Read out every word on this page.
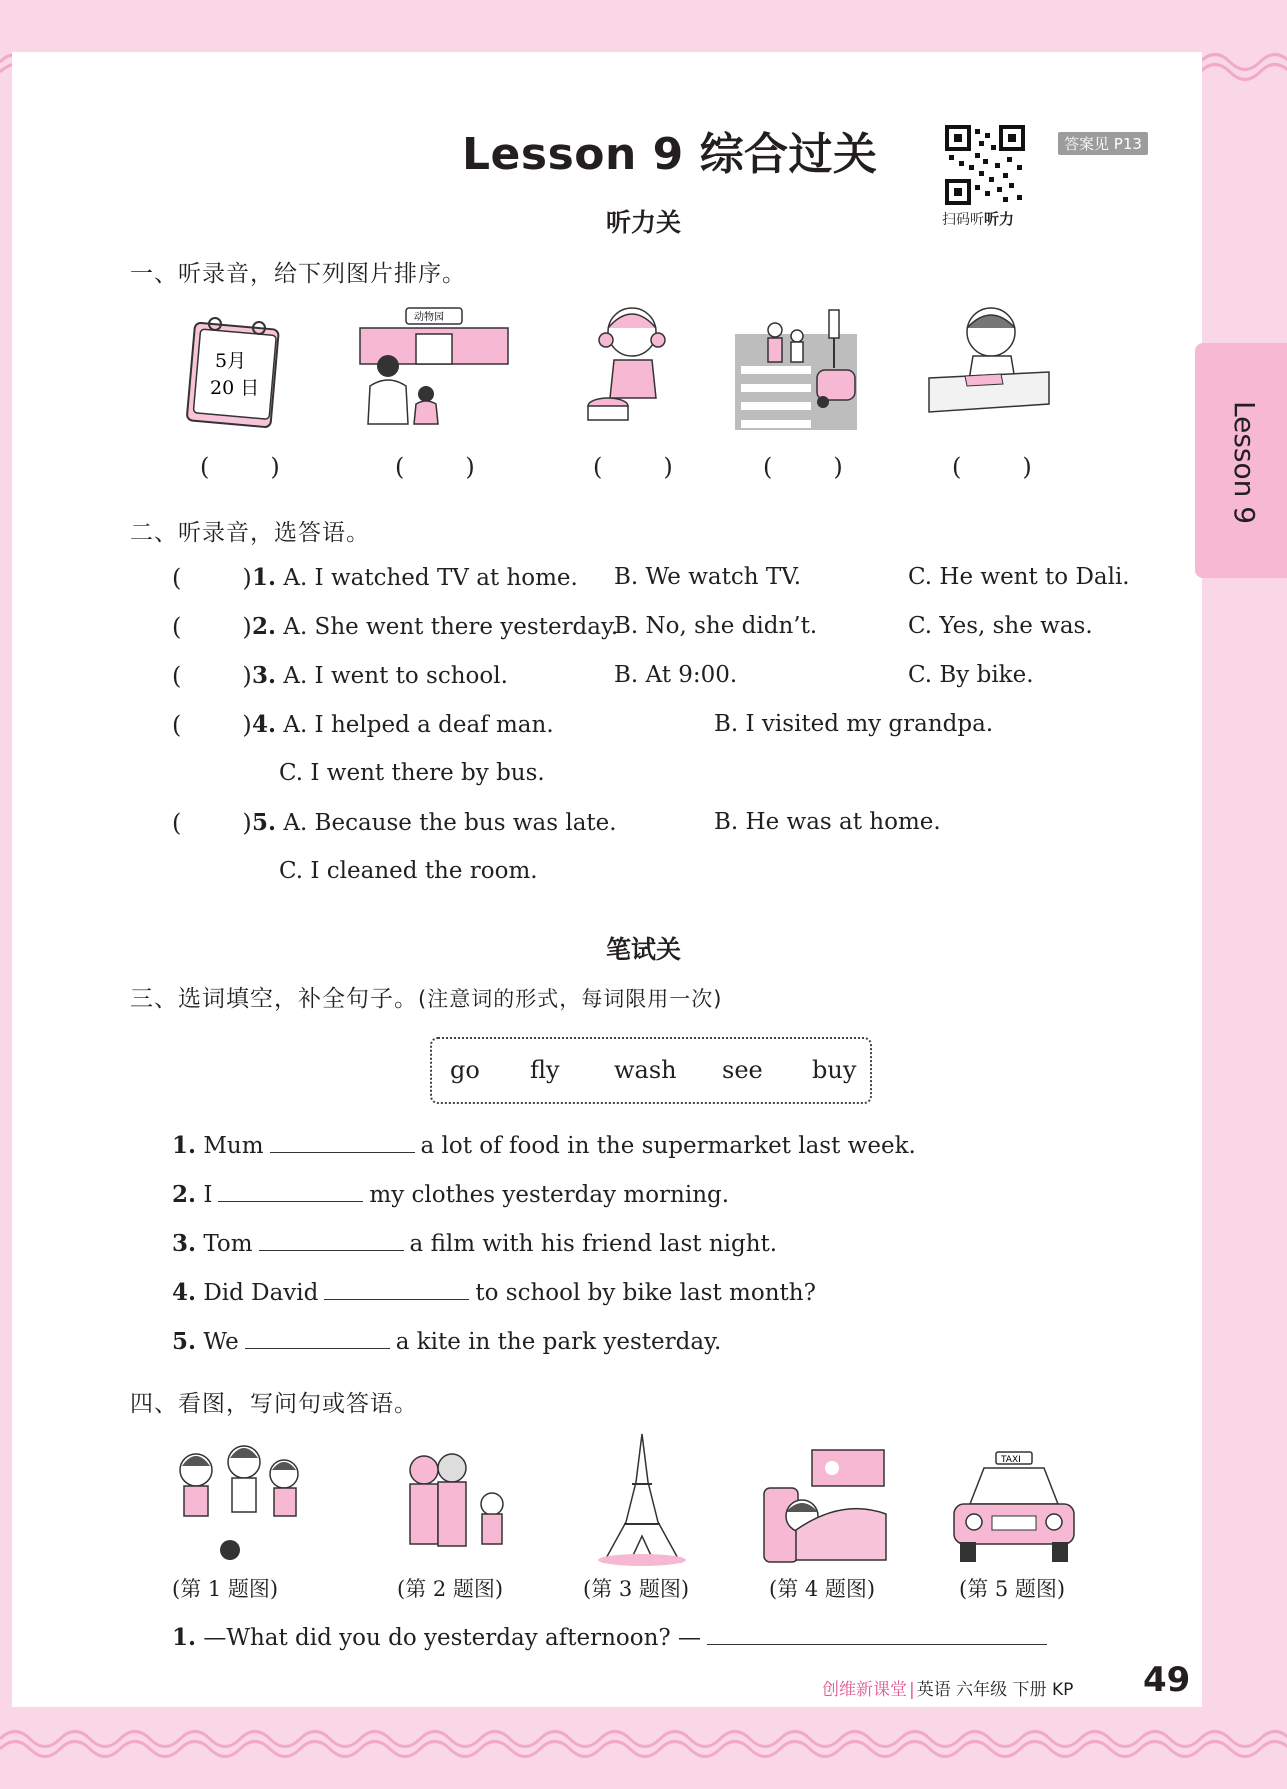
Lesson 9
Lesson 9 综合过关
扫码听听力
答案见 P13
听力关
一、听录音，给下列图片排序。
5月
20 日
动物园
(        )	(        )	(        )	(        )	(        )
二、听录音，选答语。
(        ) 1. A. I watched TV at home. B. We watch TV.	C. He went to Dali.
(        ) 2. A. She went there yesterday.
B. No, she didn’t.	C. Yes, she was.
(        ) 3. A. I went to school.	B. At 9:00.	C. By bike.
(        ) 4. A. I helped a deaf man.	B. I visited my grandpa.
C. I went there by bus.
(        ) 5. A. Because the bus was late.	B. He was at home.
C. I cleaned the room.
笔试关
三、选词填空，补全句子。(注意词的形式，每词限用一次)
go fly wash see buy
1. Mum	a lot of food in the supermarket last week.
2. I	my clothes yesterday morning.
3. Tom	a film with his friend last night.
4. Did David	to school by bike last month?
5. We	a kite in the park yesterday.
四、看图，写问句或答语。
TAXI
(第 1 题图)	(第 2 题图)	(第 3 题图)	(第 4 题图)	(第 5 题图)
1. —What did you do yesterday afternoon? —
创维新课堂 | 英语 六年级 下册 KP 49
